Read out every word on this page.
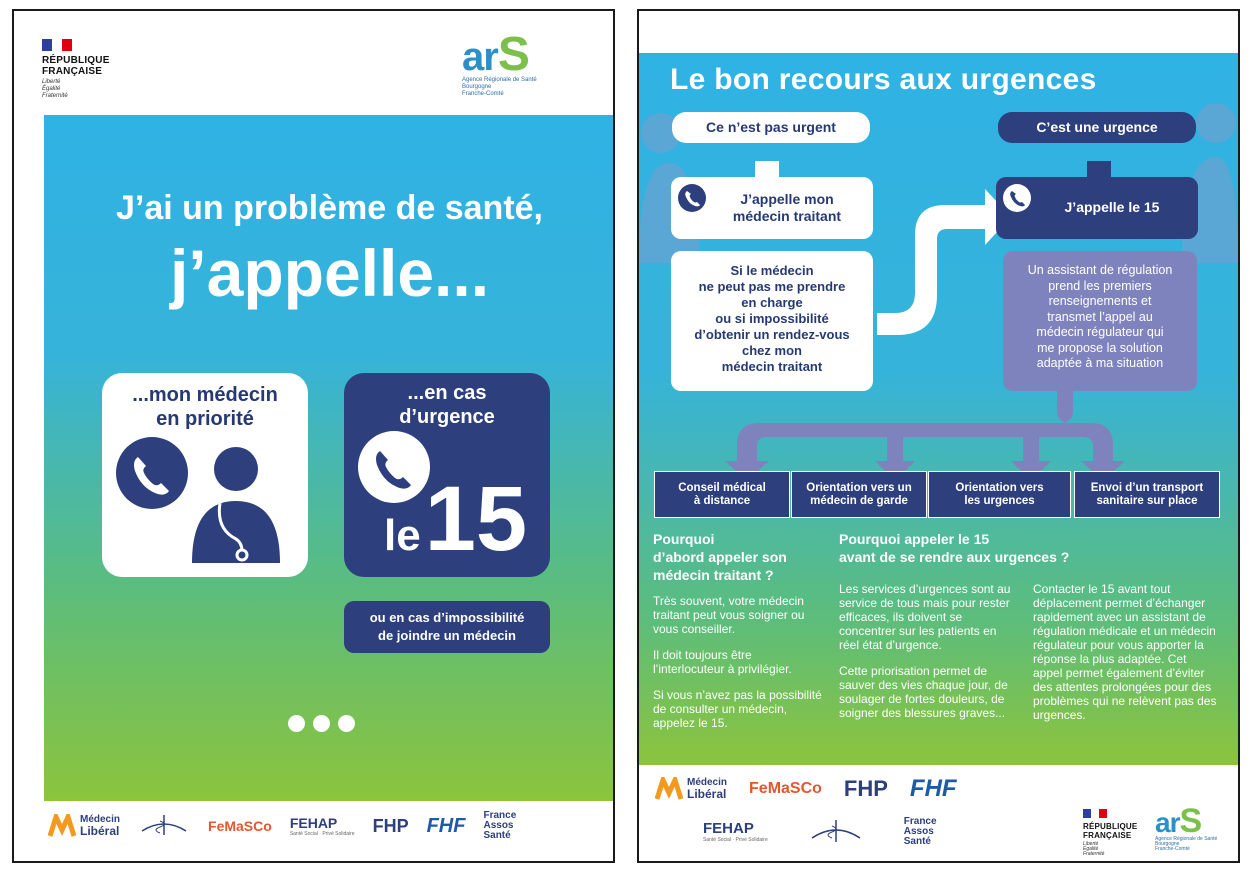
RÉPUBLIQUE
FRANÇAISE
Liberté
Égalité
Fraternité
arS
Agence Régionale de Santé
Bourgogne
Franche-Comté
J’ai un problème de santé,
j’appelle...
...mon médecin
en priorité
...en cas
d’urgence
le 15
ou en cas d’impossibilité
de joindre un médecin
Médecin
Libéral	FeMaSCo FEHAP
Santé Social · Privé Solidaire FHP FHF France
Assos
Santé
Le bon recours aux urgences
Ce n’est pas urgent	C’est une urgence
J’appelle mon
médecin traitant
J’appelle le 15
Si le médecin
ne peut pas me prendre
en charge
ou si impossibilité
d’obtenir un rendez-vous
chez mon
médecin traitant
Un assistant de régulation
prend les premiers
renseignements et
transmet l’appel au
médecin régulateur qui
me propose la solution
adaptée à ma situation
Conseil médical
à distance
Orientation vers un
médecin de garde
Orientation vers
les urgences
Envoi d’un transport
sanitaire sur place
Pourquoi
d’abord appeler son
médecin traitant ?

Très souvent, votre médecin traitant peut vous soigner ou vous conseiller.

Il doit toujours être l’interlocuteur à privilégier.

Si vous n’avez pas la possibilité de consulter un médecin, appelez le 15.

Pourquoi appeler le 15
avant de se rendre aux urgences ?

Les services d’urgences sont au service de tous mais pour rester efficaces, ils doivent se concentrer sur les patients en réel état d’urgence.

Cette priorisation permet de sauver des vies chaque jour, de soulager de fortes douleurs, de soigner des blessures graves...

Contacter le 15 avant tout déplacement permet d’échanger rapidement avec un assistant de régulation médicale et un médecin régulateur pour vous apporter la réponse la plus adaptée. Cet appel permet également d’éviter des attentes prolongées pour des problèmes qui ne relèvent pas des urgences.

Médecin
Libéral FeMaSCo FHP FHF
FEHAP
Santé Social · Privé Solidaire
France
Assos
Santé
RÉPUBLIQUE
FRANÇAISE
Liberté
Égalité
Fraternité
arS
Agence Régionale de Santé
Bourgogne
Franche-Comté
